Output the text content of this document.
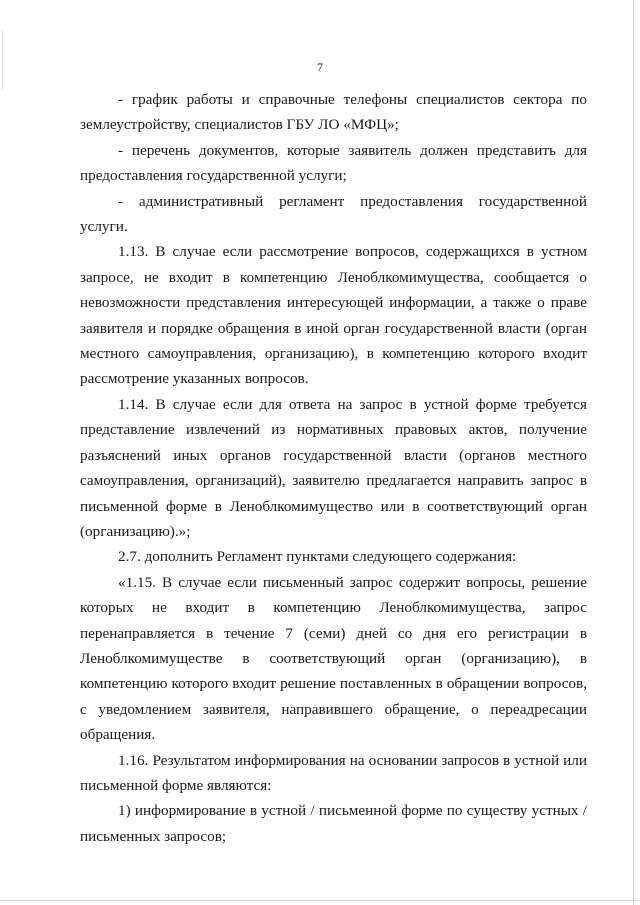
7

- график работы и справочные телефоны специалистов сектора по землеустройству, специалистов ГБУ ЛО «МФЦ»;

- перечень документов, которые заявитель должен представить для предоставления государственной услуги;

- административный регламент предоставления государственной услуги.

1.13. В случае если рассмотрение вопросов, содержащихся в устном запросе, не входит в компетенцию Леноблкомимущества, сообщается о невозможности представления интересующей информации, а также о праве заявителя и порядке обращения в иной орган государственной власти (орган местного самоуправления, организацию), в компетенцию которого входит рассмотрение указанных вопросов.

1.14. В случае если для ответа на запрос в устной форме требуется представление извлечений из нормативных правовых актов, получение разъяснений иных органов государственной власти (органов местного самоуправления, организаций), заявителю предлагается направить запрос в письменной форме в Леноблкомимущество или в соответствующий орган (организацию).»;

2.7. дополнить Регламент пунктами следующего содержания:

«1.15. В случае если письменный запрос содержит вопросы, решение которых не входит в компетенцию Леноблкомимущества, запрос перенаправляется в течение 7 (семи) дней со дня его регистрации в Леноблкомимуществе в соответствующий орган (организацию), в компетенцию которого входит решение поставленных в обращении вопросов, с уведомлением заявителя, направившего обращение, о переадресации обращения.

1.16. Результатом информирования на основании запросов в устной или письменной форме являются:

1) информирование в устной / письменной форме по существу устных / письменных запросов;
